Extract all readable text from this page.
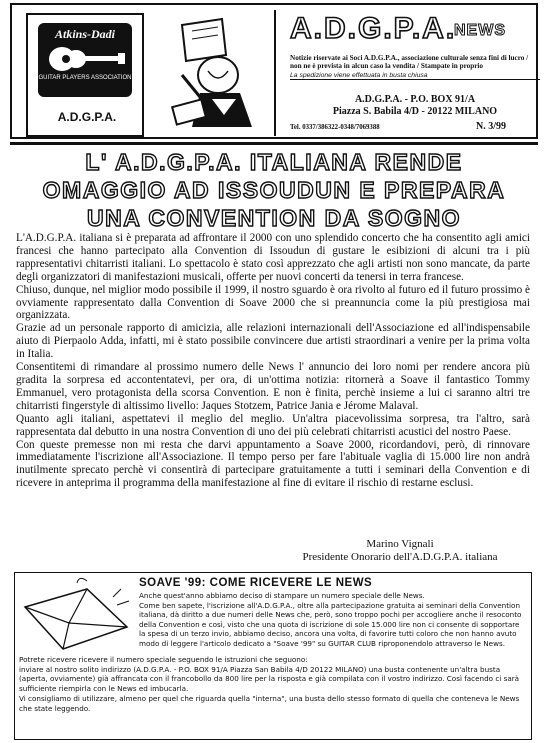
Atkins-Dadi
GUITAR PLAYERS ASSOCIATION
A.D.G.P.A.
A.D.G.P.A.
NEWS
Notizie riservate ai Soci A.D.G.P.A., associazione culturale senza fini di lucro / non ne è prevista in alcun caso la vendita / Stampate in proprio
La spedizione viene effettuata in busta chiusa
A.D.G.P.A. - P.O. BOX 91/A
Piazza S. Babila 4/D - 20122 MILANO
Tel. 0337/386322-0348/7069388	N. 3/99
L' A.D.G.P.A. ITALIANA RENDE
OMAGGIO AD ISSOUDUN E PREPARA
UNA CONVENTION DA SOGNO

L'A.D.G.P.A. italiana si è preparata ad affrontare il 2000 con uno splendido concerto che ha consentito agli amici francesi che hanno partecipato alla Convention di Issoudun di gustare le esibizioni di alcuni tra i più rappresentativi chitarristi italiani. Lo spettacolo è stato così apprezzato che agli artisti non sono mancate, da parte degli organizzatori di manifestazioni musicali, offerte per nuovi concerti da tenersi in terra francese.

Chiuso, dunque, nel miglior modo possibile il 1999, il nostro sguardo è ora rivolto al futuro ed il futuro prossimo è ovviamente rappresentato dalla Convention di Soave 2000 che si preannuncia come la più prestigiosa mai organizzata.

Grazie ad un personale rapporto di amicizia, alle relazioni internazionali dell'Associazione ed all'indispensabile aiuto di Pierpaolo Adda, infatti, mi è stato possibile convincere due artisti straordinari a venire per la prima volta in Italia.

Consentitemi di rimandare al prossimo numero delle News l' annuncio dei loro nomi per rendere ancora più gradita la sorpresa ed accontentatevi, per ora, di un'ottima notizia: ritornerà a Soave il fantastico Tommy Emmanuel, vero protagonista della scorsa Convention. E non è finita, perchè insieme a lui ci saranno altri tre chitarristi fingerstyle di altissimo livello: Jaques Stotzem, Patrice Jania e Jérome Malaval.

Quanto agli italiani, aspettatevi il meglio del meglio. Un'altra piacevolissima sorpresa, tra l'altro, sarà rappresentata dal debutto in una nostra Convention di uno dei più celebrati chitarristi acustici del nostro Paese.

Con queste premesse non mi resta che darvi appuntamento a Soave 2000, ricordandovi, però, di rinnovare immediatamente l'iscrizione all'Associazione. Il tempo perso per fare l'abituale vaglia di 15.000 lire non andrà inutilmente sprecato perchè vi consentirà di partecipare gratuitamente a tutti i seminari della Convention e di ricevere in anteprima il programma della manifestazione al fine di evitare il rischio di restarne esclusi.

Marino Vignali
Presidente Onorario dell'A.D.G.P.A. italiana
SOAVE '99: COME RICEVERE LE NEWS

Anche quest'anno abbiamo deciso di stampare un numero speciale delle News.

Come ben sapete, l'iscrizione all'A.D.G.P.A., oltre alla partecipazione gratuita ai seminari della Convention italiana, dà diritto a due numeri delle News che, però, sono troppo pochi per accogliere anche il resoconto della Convention e così, visto che una quota di iscrizione di sole 15.000 lire non ci consente di sopportare la spesa di un terzo invio, abbiamo deciso, ancora una volta, di favorire tutti coloro che non hanno avuto modo di leggere l'articolo dedicato a "Soave '99" su GUITAR CLUB riproponendolo attraverso le News.

Potrete ricevere ricevere il numero speciale seguendo le istruzioni che seguono:

inviare al nostro solito indirizzo (A.D.G.P.A. - P.O. BOX 91/A Piazza San Babila 4/D 20122 MILANO) una busta contenente un'altra busta (aperta, ovviamente) già affrancata con il francobollo da 800 lire per la risposta e già compilata con il vostro indirizzo. Così facendo ci sarà sufficiente riempirla con le News ed imbucarla.

Vi consigliamo di utilizzare, almeno per quel che riguarda quella "interna", una busta dello stesso formato di quella che conteneva le News che state leggendo.
